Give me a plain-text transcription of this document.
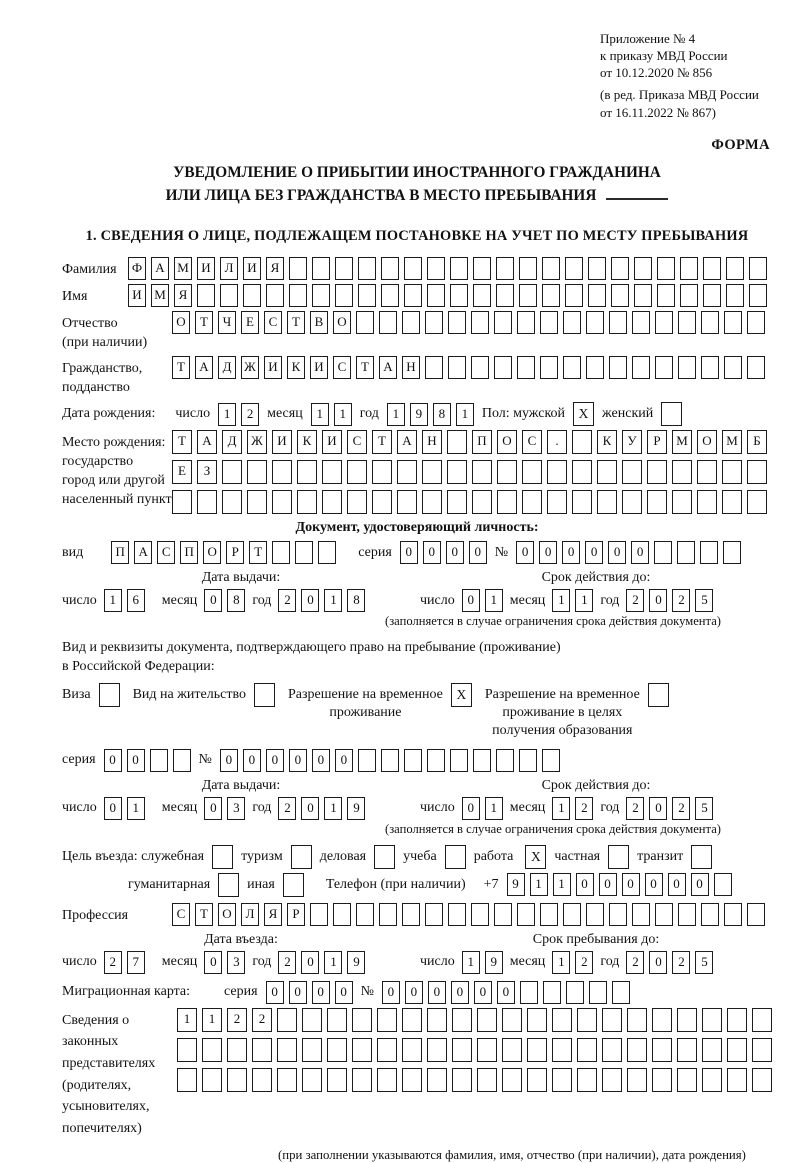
Приложение № 4
к приказу МВД России
от 10.12.2020 № 856
(в ред. Приказа МВД России
от 16.11.2022 № 867)
ФОРМА
УВЕДОМЛЕНИЕ О ПРИБЫТИИ ИНОСТРАННОГО ГРАЖДАНИНА
ИЛИ ЛИЦА БЕЗ ГРАЖДАНСТВА В МЕСТО ПРЕБЫВАНИЯ
1. СВЕДЕНИЯ О ЛИЦЕ, ПОДЛЕЖАЩЕМ ПОСТАНОВКЕ НА УЧЕТ ПО МЕСТУ ПРЕБЫВАНИЯ
Фамилия	Ф	А М И	Л	И	Я
Имя	И М Я
Отчество
(при наличии)
О	Т	Ч	Е	С	Т	В	О
Гражданство,
подданство
Т	А	Д Ж И	К	И	С	Т	А	Н
Дата рождения: число	1	2 месяц	1	1 год	1	9	8	1 Пол: мужской	X женский
Место рождения:
государство
город или другой
населенный пункт
Т	А	Д	Ж	И	К	И	С	Т	А	Н	П	О	С	.	К	У	Р	М	О	М	Б
Е	З
Документ, удостоверяющий личность:
вид	П	А	С	П	О	Р	Т	серия	0	0	0	0 №	0	0	0	0	0	0
Дата выдачи:
число 1	6	месяц 0	8 год 2	0	1	8
Срок действия до:
число 0	1 месяц 1	1 год 2	0	2	5
(заполняется в случае ограничения срока действия документа)
Вид и реквизиты документа, подтверждающего право на пребывание (проживание)
в Российской Федерации:
Виза	Вид на жительство	Разрешение на временное
проживание
X	Разрешение на временное
проживание в целях
получения образования
серия	0	0	№	0	0	0	0	0	0
Дата выдачи:
число 0	1	месяц 0	3 год 2	0	1	9
Срок действия до:
число 0	1 месяц 1	2 год 2	0	2	5
(заполняется в случае ограничения срока действия документа)
Цель въезда: служебная	туризм	деловая	учеба	работа	X частная	транзит
гуманитарная	иная	Телефон (при наличии) +7	9	1	1	0	0	0	0	0	0
Профессия	С	Т	О	Л	Я	Р
Дата въезда:
число 2	7	месяц 0	3 год 2	0	1	9
Срок пребывания до:
число 1	9 месяц 1	2 год 2	0	2	5
Миграционная карта: серия	0	0	0	0 №	0	0	0	0	0	0
Сведения о
законных
представителях
(родителях,
усыновителях,
попечителях)
1	1	2	2
(при заполнении указываются фамилия, имя, отчество (при наличии), дата рождения)
